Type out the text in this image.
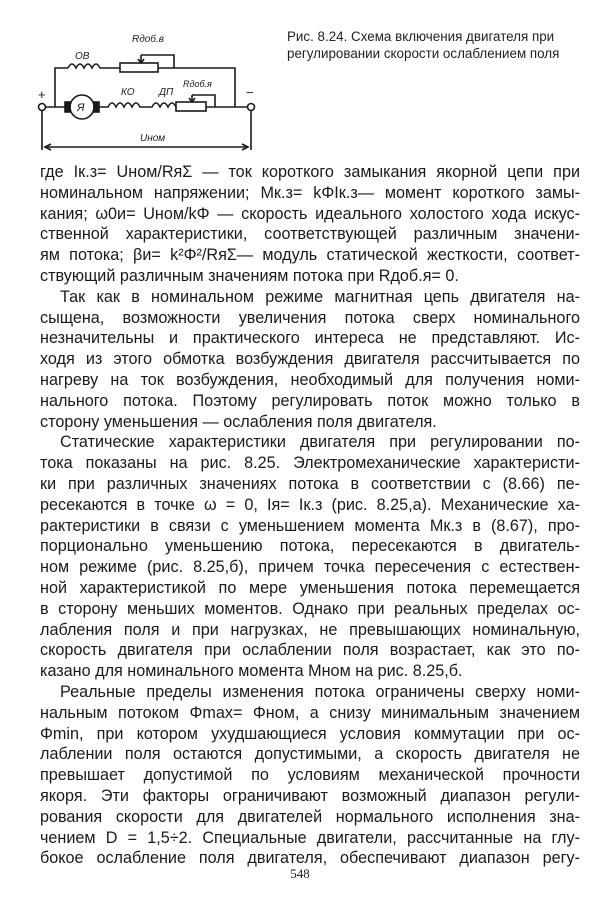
ОВ
Rдоб.в
Я
КО ДП
Rдоб.я
+	−
Uном
Рис. 8.24. Схема включения двигателя при
регулировании скорости ослаблением поля
где Iк.з= Uном/RяΣ — ток короткого замыкания якорной цепи при
номинальном напряжении; Mк.з= kΦIк.з— момент короткого замы-
кания; ω0и= Uном/kΦ — скорость идеального холостого хода искус-
ственной характеристики, соответствующей различным значени-
ям потока; βи= k²Φ²/RяΣ— модуль статической жесткости, соответ-
ствующий различным значениям потока при Rдоб.я= 0.
Так как в номинальном режиме магнитная цепь двигателя на-
сыщена, возможности увеличения потока сверх номинального
незначительны и практического интереса не представляют. Ис-
ходя из этого обмотка возбуждения двигателя рассчитывается по
нагреву на ток возбуждения, необходимый для получения номи-
нального потока. Поэтому регулировать поток можно только в
сторону уменьшения — ослабления поля двигателя.
Статические характеристики двигателя при регулировании по-
тока показаны на рис. 8.25. Электромеханические характеристи-
ки при различных значениях потока в соответствии с (8.66) пе-
ресекаются в точке ω = 0, Iя= Iк.з (рис. 8.25,а). Механические ха-
рактеристики в связи с уменьшением момента Mк.з в (8.67), про-
порционально уменьшению потока, пересекаются в двигатель-
ном режиме (рис. 8.25,б), причем точка пересечения с естествен-
ной характеристикой по мере уменьшения потока перемещается
в сторону меньших моментов. Однако при реальных пределах ос-
лабления поля и при нагрузках, не превышающих номинальную,
скорость двигателя при ослаблении поля возрастает, как это по-
казано для номинального момента Mном на рис. 8.25,б.
Реальные пределы изменения потока ограничены сверху номи-
нальным потоком Φmax= Φном, а снизу минимальным значением
Φmin, при котором ухудшающиеся условия коммутации при ос-
лаблении поля остаются допустимыми, а скорость двигателя не
превышает допустимой по условиям механической прочности
якоря. Эти факторы ограничивают возможный диапазон регули-
рования скорости для двигателей нормального исполнения зна-
чением D = 1,5÷2. Специальные двигатели, рассчитанные на глу-
бокое ослабление поля двигателя, обеспечивают диапазон регу-
548
